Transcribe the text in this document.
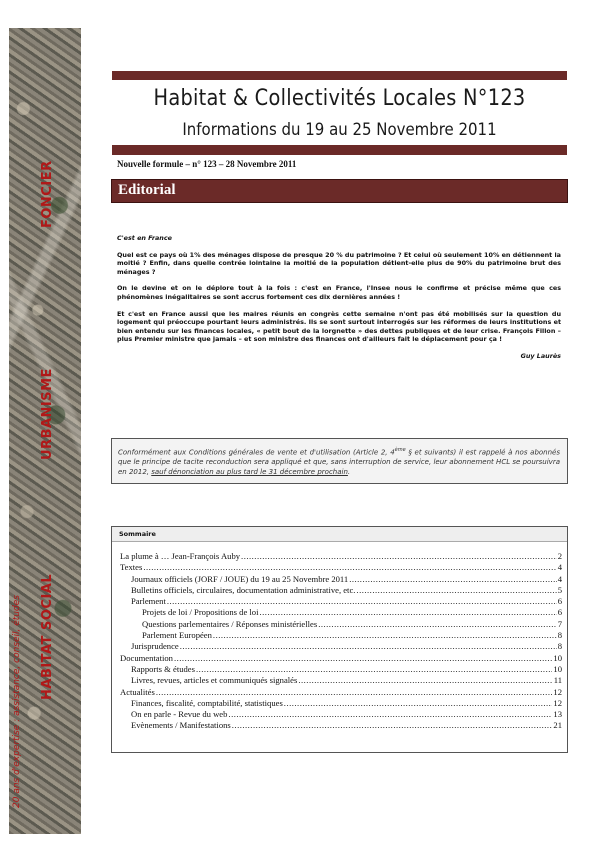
FONCIER
URBANISME
HABITAT SOCIAL
20 ans d'expertise : assistance, conseil, études
Habitat & Collectivités Locales N°123
Informations du 19 au 25 Novembre 2011
Nouvelle formule – n° 123 – 28 Novembre 2011
Editorial

C'est en France

Quel est ce pays où 1% des ménages dispose de presque 20 % du patrimoine ? Et celui où seulement 10% en détiennent la moitié ? Enfin, dans quelle contrée lointaine la moitié de la population détient-elle plus de 90% du patrimoine brut des ménages ?

On le devine et on le déplore tout à la fois : c'est en France, l'Insee nous le confirme et précise même que ces phénomènes inégalitaires se sont accrus fortement ces dix dernières années !

Et c'est en France aussi que les maires réunis en congrès cette semaine n'ont pas été mobilisés sur la question du logement qui préoccupe pourtant leurs administrés. Ils se sont surtout interrogés sur les réformes de leurs institutions et bien entendu sur les finances locales, « petit bout de la lorgnette » des dettes publiques et de leur crise. François Fillon – plus Premier ministre que jamais – et son ministre des finances ont d'ailleurs fait le déplacement pour ça !

Guy Laurès

Conformément aux Conditions générales de vente et d'utilisation (Article 2, 4ème § et suivants) il est rappelé à nos abonnés que le principe de tacite reconduction sera appliqué et que, sans interruption de service, leur abonnement HCL se poursuivra en 2012, sauf dénonciation au plus tard le 31 décembre prochain.
Sommaire
La plume à … Jean-François Auby .....	2
Textes .....	4
Journaux officiels (JORF / JOUE) du 19 au 25 Novembre 2011 .....	4
Bulletins officiels, circulaires, documentation administrative, etc. .....	5
Parlement .....	6
Projets de loi / Propositions de loi .....	6
Questions parlementaires / Réponses ministérielles .....	7
Parlement Européen .....	8
Jurisprudence .....	8
Documentation .....	10
Rapports & études .....	10
Livres, revues, articles et communiqués signalés .....	11
Actualités .....	12
Finances, fiscalité, comptabilité, statistiques .....	12
On en parle - Revue du web .....	13
Evènements / Manifestations .....	21
